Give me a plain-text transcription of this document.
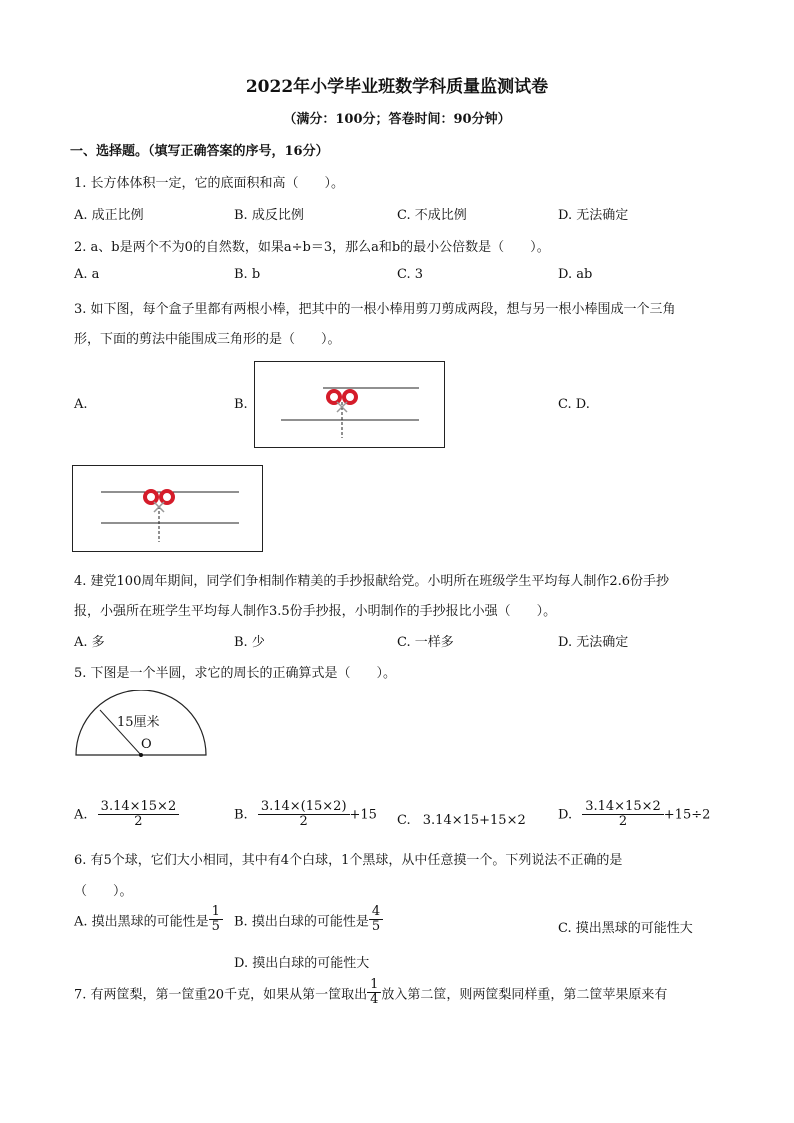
2022年小学毕业班数学科质量监测试卷
（满分：100分；答卷时间：90分钟）
一、选择题。（填写正确答案的序号，16分）
1. 长方体体积一定，它的底面积和高（　　）。
A. 成正比例	B. 成反比例	C. 不成比例	D. 无法确定
2. a、b是两个不为0的自然数，如果a÷b＝3，那么a和b的最小公倍数是（　　）。
A. a	B. b	C. 3	D. ab
3. 如下图，每个盒子里都有两根小棒，把其中的一根小棒用剪刀剪成两段，想与另一根小棒围成一个三角
形，下面的剪法中能围成三角形的是（　　）。
A.	B.	C. D.
4. 建党100周年期间，同学们争相制作精美的手抄报献给党。小明所在班级学生平均每人制作2.6份手抄
报，小强所在班学生平均每人制作3.5份手抄报，小明制作的手抄报比小强（　　）。
A. 多	B. 少	C. 一样多	D. 无法确定
5. 下图是一个半圆，求它的周长的正确算式是（　　）。
15厘米
O
A. $\frac{3.14\times 15\times 2}{2}$	B. $\frac{3.14\times(15\times 2)}{2} +15$ C. 3.14×15+15×2 D. $\frac{3.14\times 15\times 2}{2} +15\div 2$
6. 有5个球，它们大小相同，其中有4个白球，1个黑球，从中任意摸一个。下列说法不正确的是
（　　）。
A. 摸出黑球的可能性是 $\frac{1}{5} B$. 摸出白球的可能性是 $\frac{4}{5}$	C. 摸出黑球的可能性大
D. 摸出白球的可能性大
7. 有两筐梨，第一筐重20千克，如果从第一筐取出 $\frac{1}{4}$ 放入第二筐，则两筐梨同样重，第二筐苹果原来有
